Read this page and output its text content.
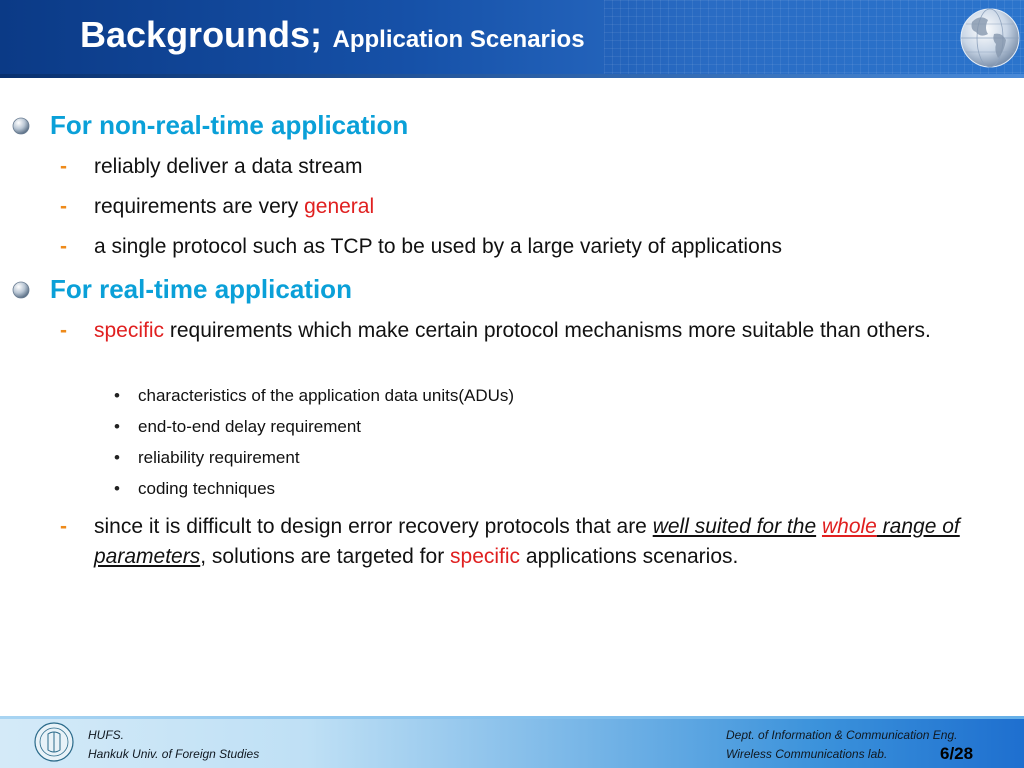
Backgrounds; Application Scenarios
For non-real-time application
- reliably deliver a data stream
- requirements are very general
- a single protocol such as TCP to be used by a large variety of applications
For real-time application
- specific requirements which make certain protocol mechanisms more suitable than others.
• characteristics of the application data units(ADUs)
• end-to-end delay requirement
• reliability requirement
• coding techniques
- since it is difficult to design error recovery protocols that are well suited for the whole range of parameters, solutions are targeted for specific applications scenarios.
HUFS.
Hankuk Univ. of Foreign Studies
Dept. of Information & Communication Eng.
Wireless Communications lab.	6/28
